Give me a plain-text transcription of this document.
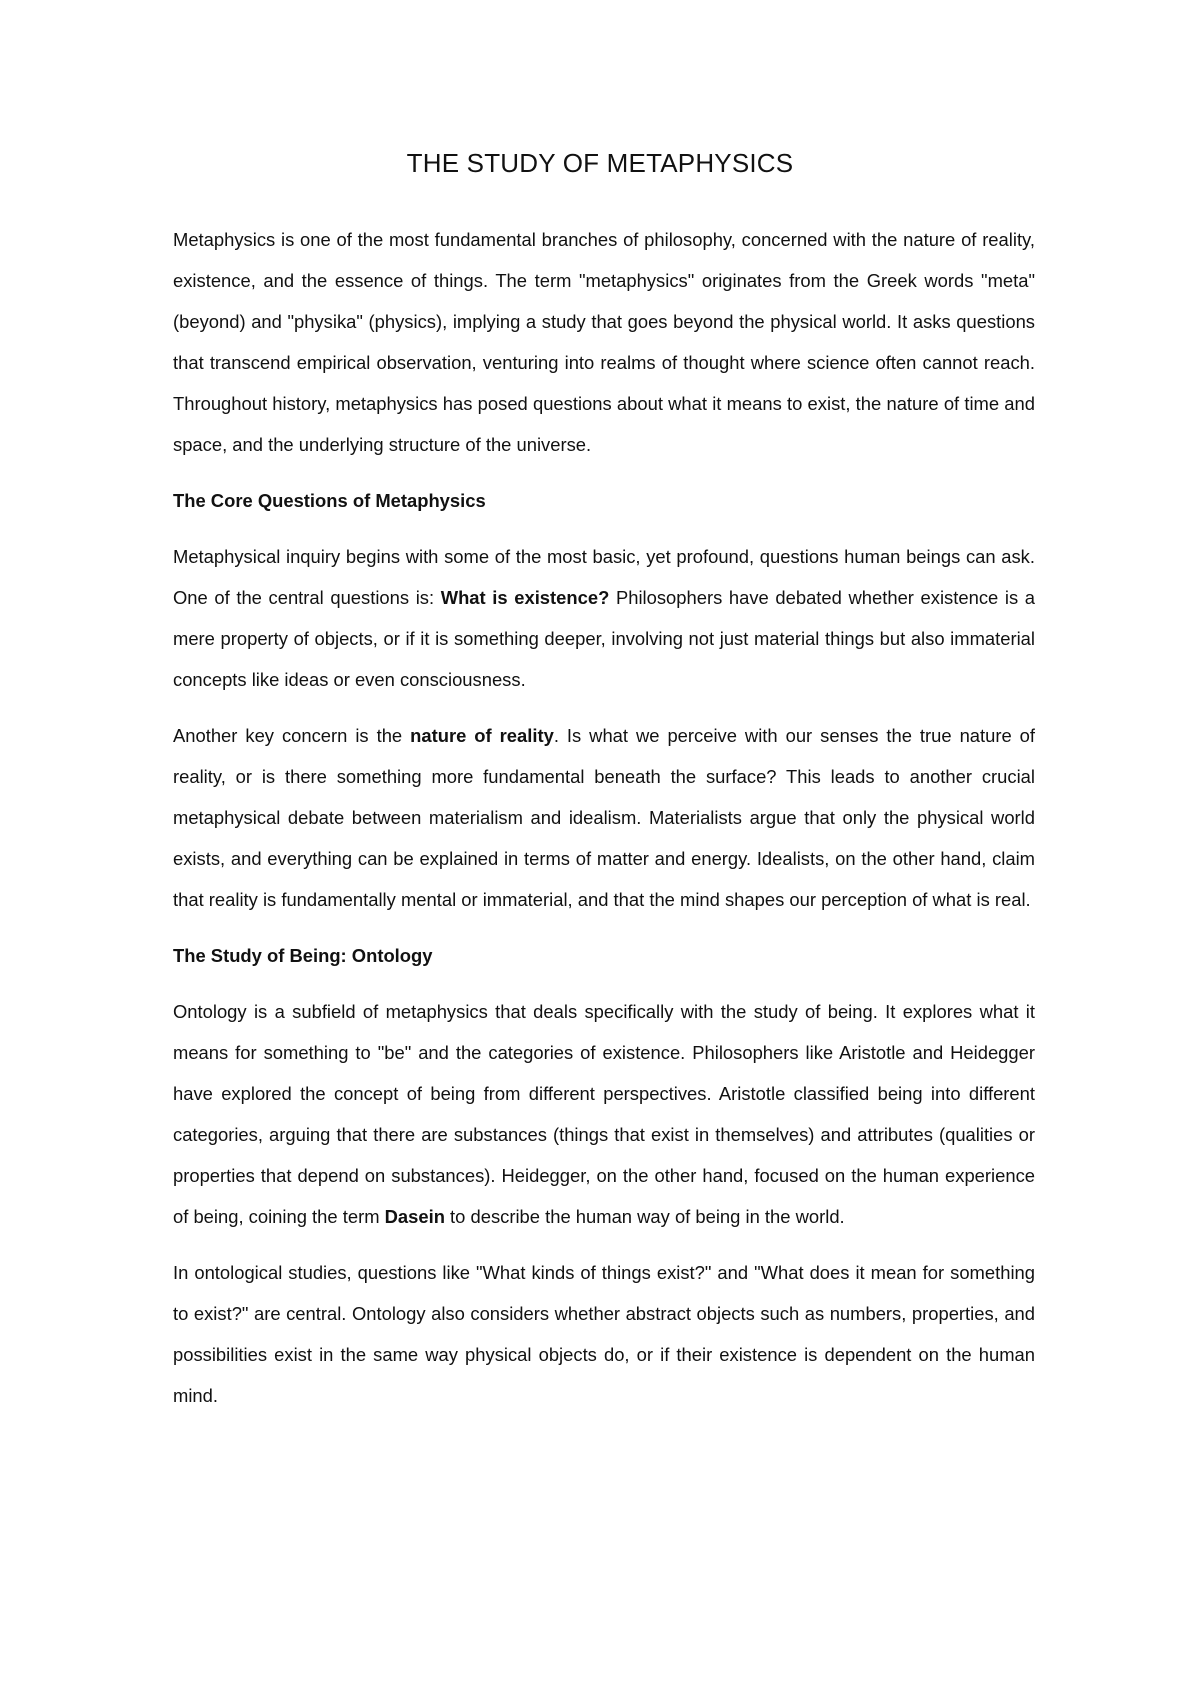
THE STUDY OF METAPHYSICS

Metaphysics is one of the most fundamental branches of philosophy, concerned with the nature of reality, existence, and the essence of things. The term "metaphysics" originates from the Greek words "meta" (beyond) and "physika" (physics), implying a study that goes beyond the physical world. It asks questions that transcend empirical observation, venturing into realms of thought where science often cannot reach. Throughout history, metaphysics has posed questions about what it means to exist, the nature of time and space, and the underlying structure of the universe.

The Core Questions of Metaphysics

Metaphysical inquiry begins with some of the most basic, yet profound, questions human beings can ask. One of the central questions is: What is existence? Philosophers have debated whether existence is a mere property of objects, or if it is something deeper, involving not just material things but also immaterial concepts like ideas or even consciousness.

Another key concern is the nature of reality. Is what we perceive with our senses the true nature of reality, or is there something more fundamental beneath the surface? This leads to another crucial metaphysical debate between materialism and idealism. Materialists argue that only the physical world exists, and everything can be explained in terms of matter and energy. Idealists, on the other hand, claim that reality is fundamentally mental or immaterial, and that the mind shapes our perception of what is real.

The Study of Being: Ontology

Ontology is a subfield of metaphysics that deals specifically with the study of being. It explores what it means for something to "be" and the categories of existence. Philosophers like Aristotle and Heidegger have explored the concept of being from different perspectives. Aristotle classified being into different categories, arguing that there are substances (things that exist in themselves) and attributes (qualities or properties that depend on substances). Heidegger, on the other hand, focused on the human experience of being, coining the term Dasein to describe the human way of being in the world.

In ontological studies, questions like "What kinds of things exist?" and "What does it mean for something to exist?" are central. Ontology also considers whether abstract objects such as numbers, properties, and possibilities exist in the same way physical objects do, or if their existence is dependent on the human mind.
